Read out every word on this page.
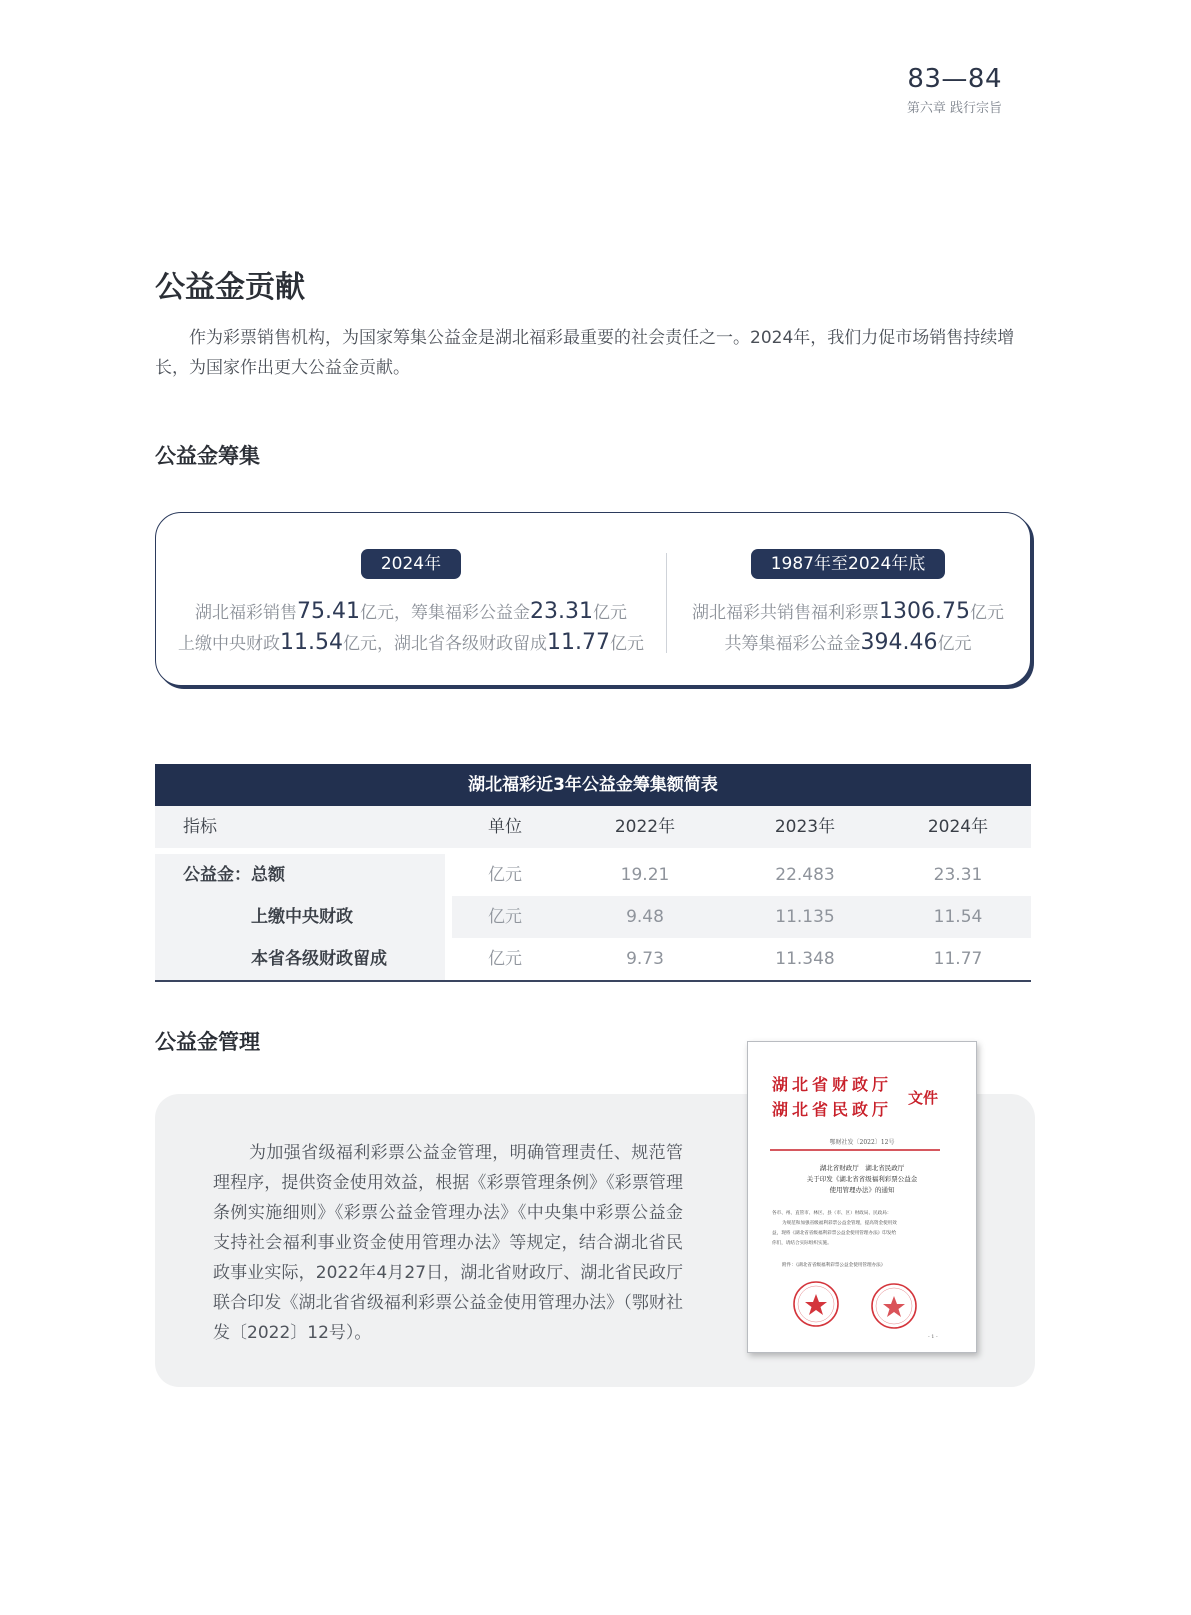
83—84
第六章 践行宗旨
公益金贡献

作为彩票销售机构，为国家筹集公益金是湖北福彩最重要的社会责任之一。2024年，我们力促市场销售持续增长，为国家作出更大公益金贡献。

公益金筹集
2024年
湖北福彩销售75.41亿元，筹集福彩公益金23.31亿元
上缴中央财政11.54亿元，湖北省各级财政留成11.77亿元
1987年至2024年底
湖北福彩共销售福利彩票1306.75亿元
共筹集福彩公益金394.46亿元
湖北福彩近3年公益金筹集额简表
指标	单位	2022年	2023年	2024年
公益金：总额	亿元	19.21	22.483	23.31
上缴中央财政	亿元	9.48	11.135	11.54
本省各级财政留成	亿元	9.73	11.348	11.77
公益金管理

为加强省级福利彩票公益金管理，明确管理责任、规范管理程序，提供资金使用效益，根据《彩票管理条例》《彩票管理条例实施细则》《彩票公益金管理办法》《中央集中彩票公益金支持社会福利事业资金使用管理办法》等规定，结合湖北省民政事业实际，2022年4月27日，湖北省财政厅、湖北省民政厅联合印发《湖北省省级福利彩票公益金使用管理办法》（鄂财社发〔2022〕12号）。

湖北省财政厅
湖北省民政厅
文件
鄂财社发〔2022〕12号
湖北省财政厅　湖北省民政厅
关于印发《湖北省省级福利彩票公益金
使用管理办法》的通知
各市、州、直管市、林区、县（市、区）财政局、民政局：
为规范和加强省级福利彩票公益金管理，提高资金使用效
益，现将《湖北省省级福利彩票公益金使用管理办法》印发给
你们，请结合实际组织实施。
附件：《湖北省省级福利彩票公益金使用管理办法》
- 1 -
